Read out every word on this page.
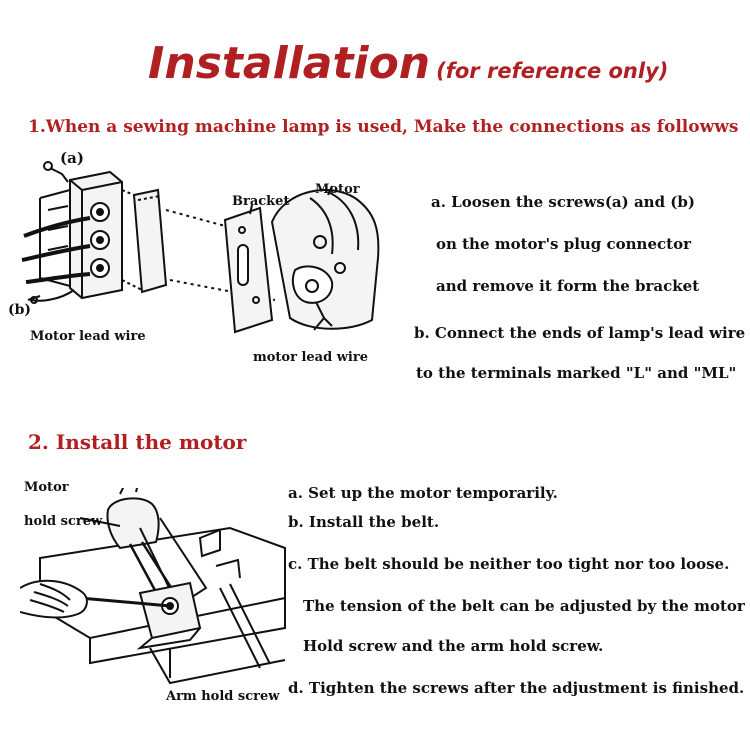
Installation (for reference only)
1.When a sewing machine lamp is used, Make the connections as followws
(a)
(b)
Bracket
Motor
Motor lead wire
motor lead wire
a. Loosen the screws(a) and (b)
on the motor's plug connector
and remove it form the bracket
b. Connect the ends of lamp's lead wire
to the terminals marked "L" and "ML"
2. Install the motor
Motor
hold screw
Arm hold screw
a. Set up the motor temporarily.
b. Install the belt.
c. The belt should be neither too tight nor too loose.
The tension of the belt can be adjusted by the motor
Hold screw and the arm hold screw.
d. Tighten the screws after the adjustment is finished.
